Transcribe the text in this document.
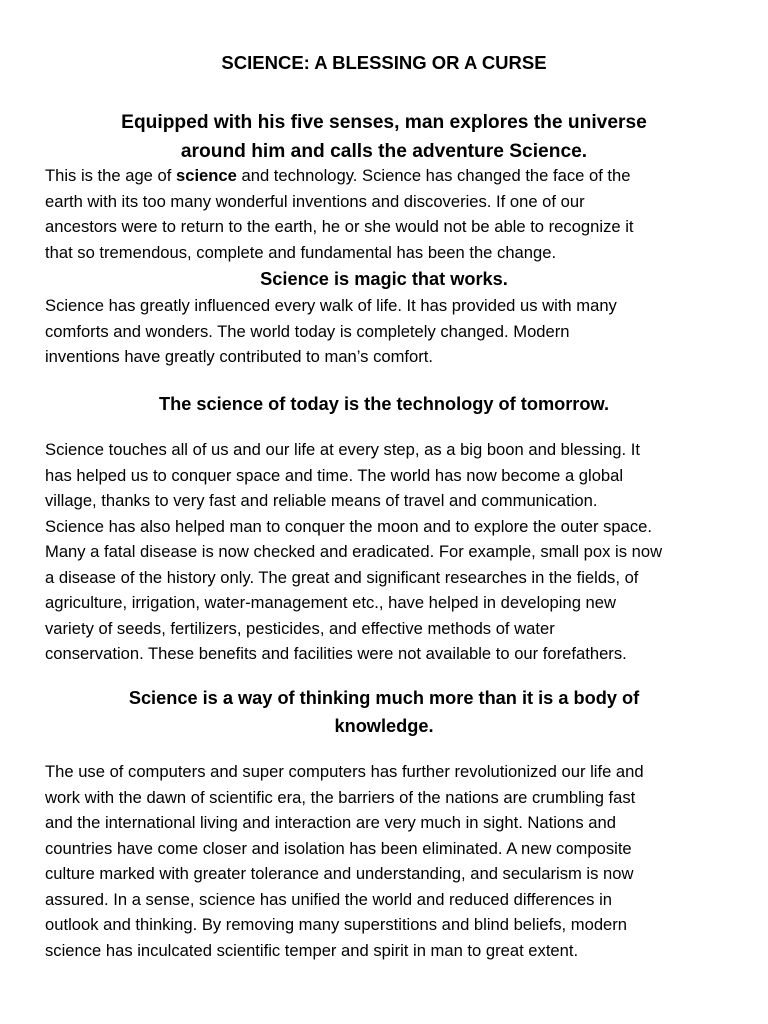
SCIENCE: A BLESSING OR A CURSE
Equipped with his five senses, man explores the universe
around him and calls the adventure Science.

This is the age of science and technology. Science has changed the face of the
earth with its too many wonderful inventions and discoveries. If one of our
ancestors were to return to the earth, he or she would not be able to recognize it
that so tremendous, complete and fundamental has been the change.

Science is magic that works.

Science has greatly influenced every walk of life. It has provided us with many
comforts and wonders. The world today is completely changed. Modern
inventions have greatly contributed to man’s comfort.

The science of today is the technology of tomorrow.

Science touches all of us and our life at every step, as a big boon and blessing. It
has helped us to conquer space and time. The world has now become a global
village, thanks to very fast and reliable means of travel and communication.
Science has also helped man to conquer the moon and to explore the outer space.
Many a fatal disease is now checked and eradicated. For example, small pox is now
a disease of the history only. The great and significant researches in the fields, of
agriculture, irrigation, water-management etc., have helped in developing new
variety of seeds, fertilizers, pesticides, and effective methods of water
conservation. These benefits and facilities were not available to our forefathers.

Science is a way of thinking much more than it is a body of
knowledge.

The use of computers and super computers has further revolutionized our life and
work with the dawn of scientific era, the barriers of the nations are crumbling fast
and the international living and interaction are very much in sight. Nations and
countries have come closer and isolation has been eliminated. A new composite
culture marked with greater tolerance and understanding, and secularism is now
assured. In a sense, science has unified the world and reduced differences in
outlook and thinking. By removing many superstitions and blind beliefs, modern
science has inculcated scientific temper and spirit in man to great extent.
